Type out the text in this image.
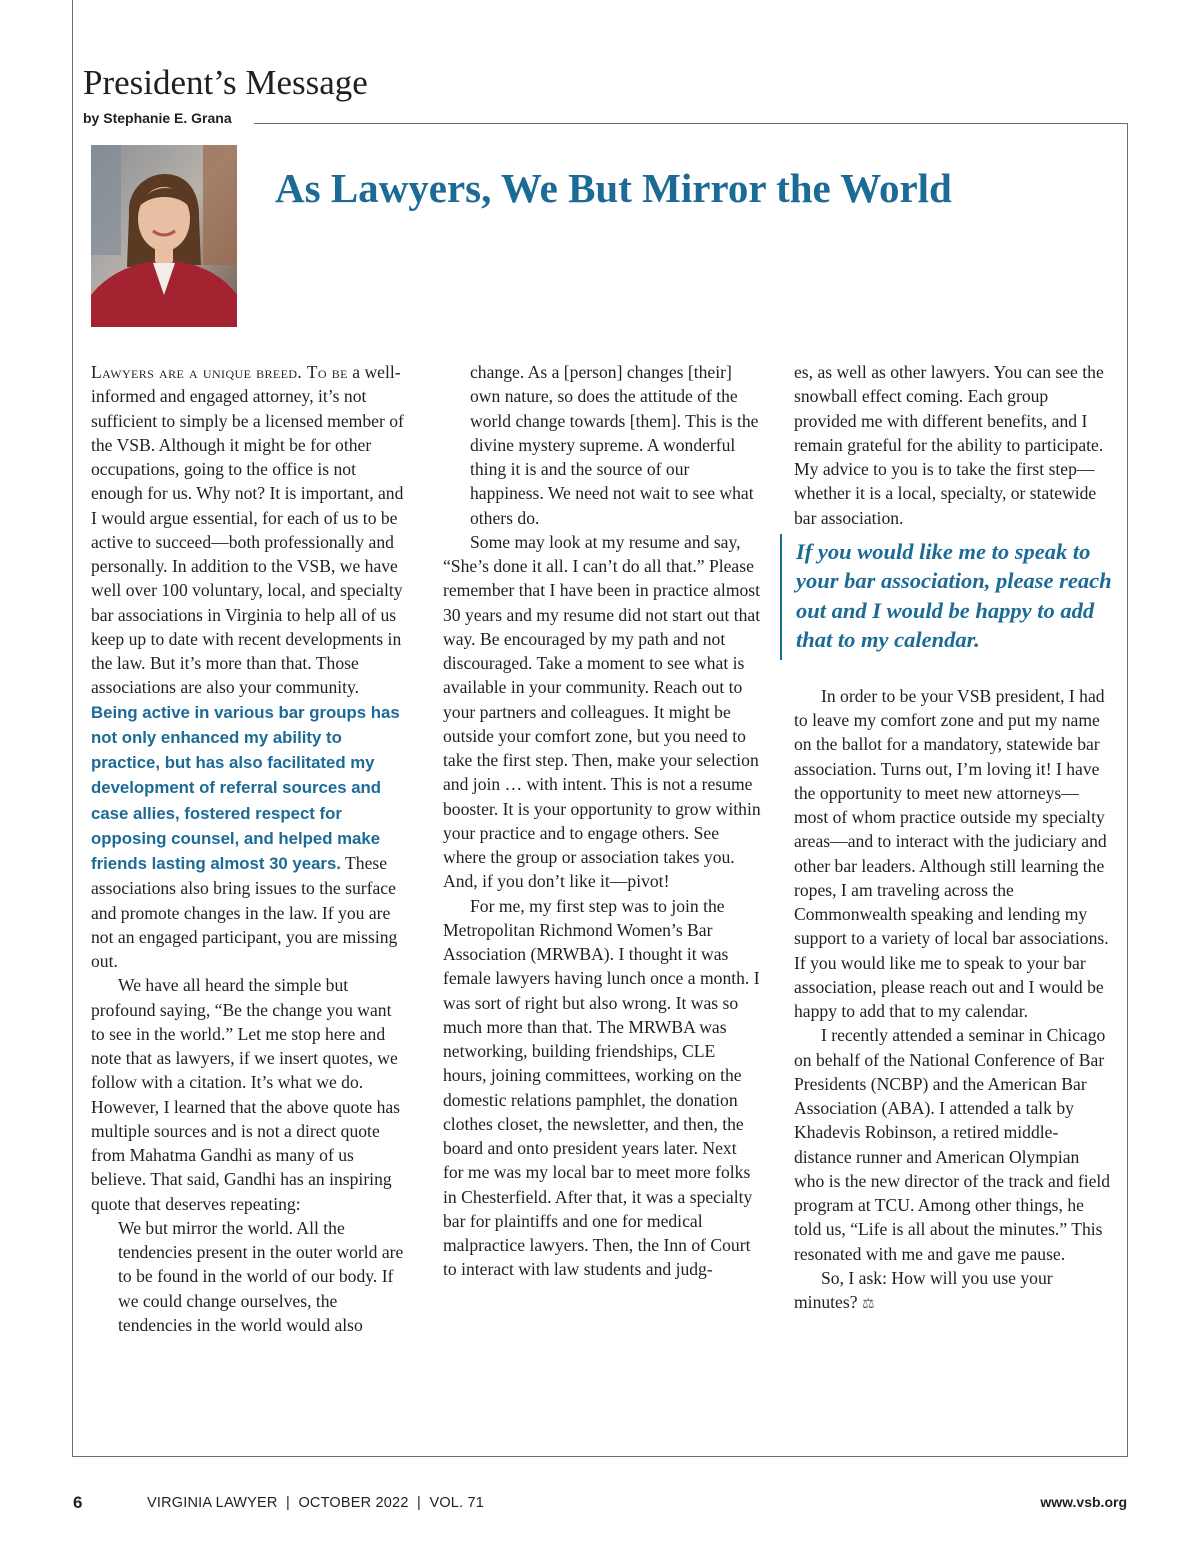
President’s Message
by Stephanie E. Grana
As Lawyers, We But Mirror the World

Lawyers are a unique breed. To be a well-informed and engaged attorney, it’s not sufficient to simply be a licensed member of the VSB. Although it might be for other occupations, going to the office is not enough for us. Why not? It is important, and I would argue essential, for each of us to be active to succeed—both professionally and personally. In addition to the VSB, we have well over 100 voluntary, local, and specialty bar associations in Virginia to help all of us keep up to date with recent developments in the law. But it’s more than that. Those associations are also your community. Being active in various bar groups has not only enhanced my ability to practice, but has also facilitated my development of referral sources and case allies, fostered respect for opposing counsel, and helped make friends lasting almost 30 years. These associations also bring issues to the surface and promote changes in the law. If you are not an engaged participant, you are missing out.

We have all heard the simple but profound saying, “Be the change you want to see in the world.” Let me stop here and note that as lawyers, if we insert quotes, we follow with a citation. It’s what we do. However, I learned that the above quote has multiple sources and is not a direct quote from Mahatma Gandhi as many of us believe. That said, Gandhi has an inspiring quote that deserves repeating:

We but mirror the world. All the tendencies present in the outer world are to be found in the world of our body. If we could change ourselves, the tendencies in the world would also

change. As a [person] changes [their] own nature, so does the attitude of the world change towards [them]. This is the divine mystery supreme. A wonderful thing it is and the source of our happiness. We need not wait to see what others do.

Some may look at my resume and say, “She’s done it all. I can’t do all that.” Please remember that I have been in practice almost 30 years and my resume did not start out that way. Be encouraged by my path and not discouraged. Take a moment to see what is available in your community. Reach out to your partners and colleagues. It might be outside your comfort zone, but you need to take the first step. Then, make your selection and join … with intent. This is not a resume booster. It is your opportunity to grow within your practice and to engage others. See where the group or association takes you. And, if you don’t like it—pivot!

For me, my first step was to join the Metropolitan Richmond Women’s Bar Association (MRWBA). I thought it was female lawyers having lunch once a month. I was sort of right but also wrong. It was so much more than that. The MRWBA was networking, building friendships, CLE hours, joining committees, working on the domestic relations pamphlet, the donation clothes closet, the newsletter, and then, the board and onto president years later. Next for me was my local bar to meet more folks in Chesterfield. After that, it was a specialty bar for plaintiffs and one for medical malpractice lawyers. Then, the Inn of Court to interact with law students and judg-

es, as well as other lawyers. You can see the snowball effect coming. Each group provided me with different benefits, and I remain grateful for the ability to participate. My advice to you is to take the first step—whether it is a local, specialty, or statewide bar association.

If you would like me to speak to your bar association, please reach out and I would be happy to add that to my calendar.

In order to be your VSB president, I had to leave my comfort zone and put my name on the ballot for a mandatory, statewide bar association. Turns out, I’m loving it! I have the opportunity to meet new attorneys—most of whom practice outside my specialty areas—and to interact with the judiciary and other bar leaders. Although still learning the ropes, I am traveling across the Commonwealth speaking and lending my support to a variety of local bar associations. If you would like me to speak to your bar association, please reach out and I would be happy to add that to my calendar.

I recently attended a seminar in Chicago on behalf of the National Conference of Bar Presidents (NCBP) and the American Bar Association (ABA). I attended a talk by Khadevis Robinson, a retired middle-distance runner and American Olympian who is the new director of the track and field program at TCU. Among other things, he told us, “Life is all about the minutes.” This resonated with me and gave me pause.

So, I ask: How will you use your minutes? ⚖

6	VIRGINIA LAWYER  |  OCTOBER 2022  |  VOL. 71	www.vsb.org
